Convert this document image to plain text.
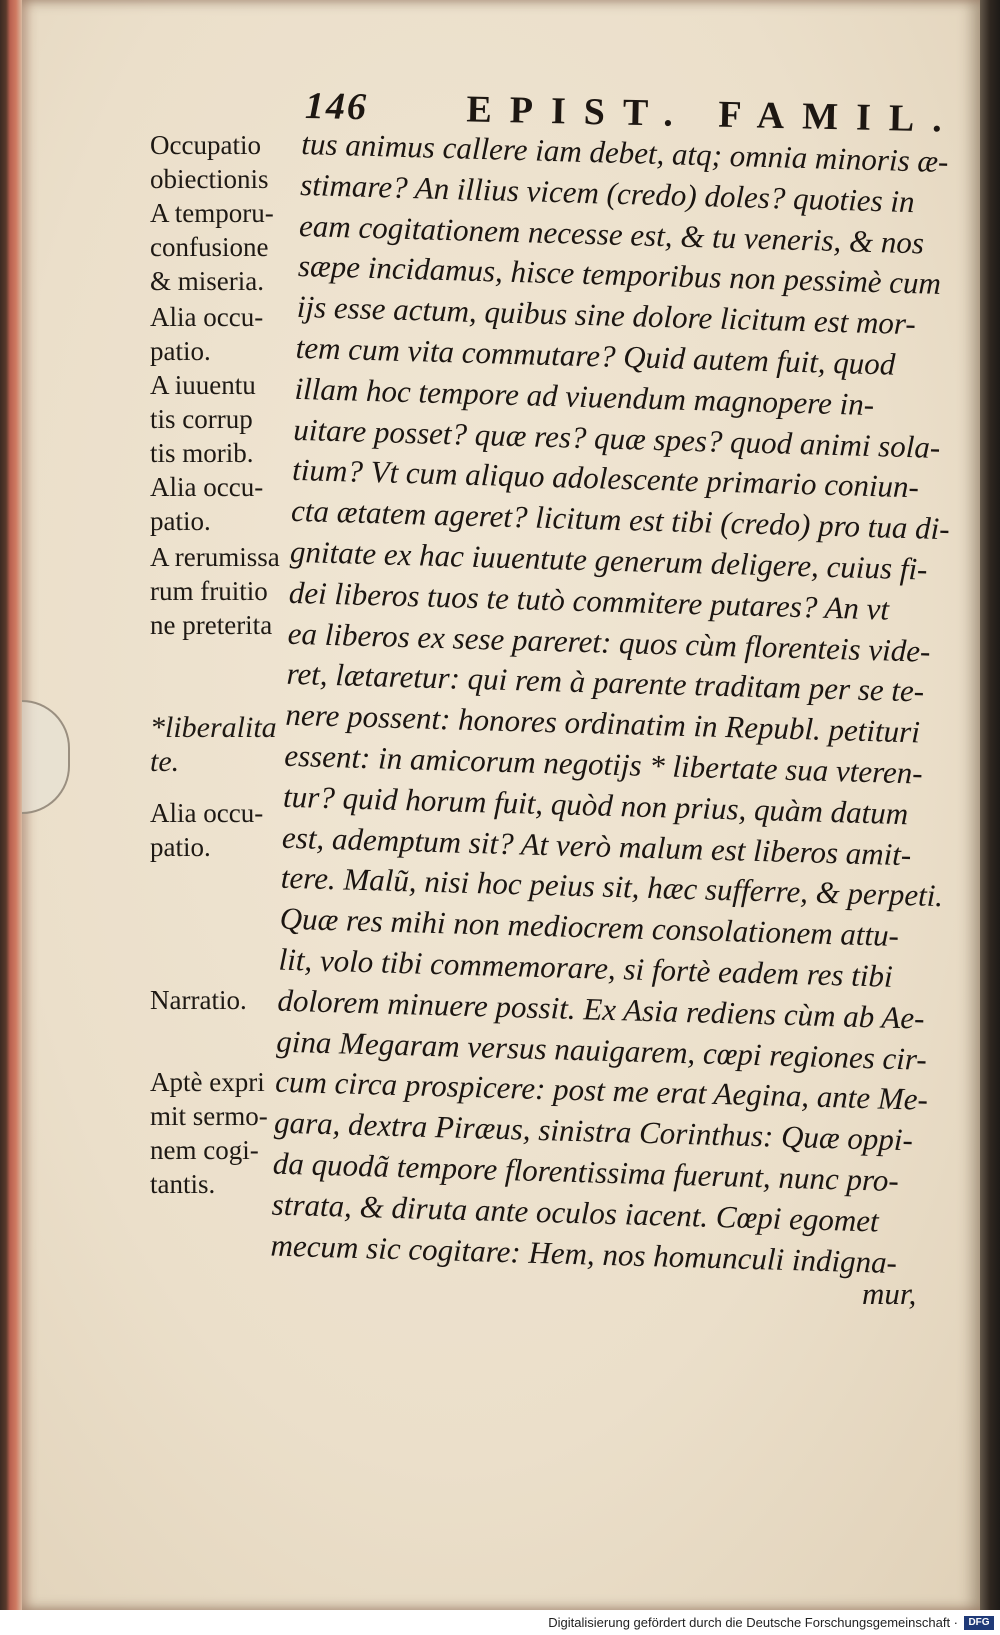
146	EPIST. FAMIL.
Occupatio
obiectionis
A temporu-
confusione
& miseria.
Alia occu-
patio.
A iuuentu
tis corrup
tis morib.
Alia occu-
patio.
A rerumissa
rum fruitio
ne preterita
*liberalita
te.
Alia occu-
patio.
Narratio.
Aptè expri
mit sermo-
nem cogi-
tantis.
tus animus callere iam debet, atq; omnia minoris æ-
stimare? An illius vicem (credo) doles? quoties in
eam cogitationem necesse est, & tu veneris, & nos
sæpe incidamus, hisce temporibus non pessimè cum
ijs esse actum, quibus sine dolore licitum est mor-
tem cum vita commutare? Quid autem fuit, quod
illam hoc tempore ad viuendum magnopere in-
uitare posset? quæ res? quæ spes? quod animi sola-
tium? Vt cum aliquo adolescente primario coniun-
cta ætatem ageret? licitum est tibi (credo) pro tua di-
gnitate ex hac iuuentute generum deligere, cuius fi-
dei liberos tuos te tutò commitere putares? An vt
ea liberos ex sese pareret: quos cùm florenteis vide-
ret, lætaretur: qui rem à parente traditam per se te-
nere possent: honores ordinatim in Republ. petituri
essent: in amicorum negotijs * libertate sua vteren-
tur? quid horum fuit, quòd non prius, quàm datum
est, ademptum sit? At verò malum est liberos amit-
tere. Malũ, nisi hoc peius sit, hæc sufferre, & perpeti.
Quæ res mihi non mediocrem consolationem attu-
lit, volo tibi commemorare, si fortè eadem res tibi
dolorem minuere possit. Ex Asia rediens cùm ab Ae-
gina Megaram versus nauigarem, cœpi regiones cir-
cum circa prospicere: post me erat Aegina, ante Me-
gara, dextra Piræus, sinistra Corinthus: Quæ oppi-
da quodã tempore florentissima fuerunt, nunc pro-
strata, & diruta ante oculos iacent. Cœpi egomet
mecum sic cogitare: Hem, nos homunculi indigna-
mur,
Digitalisierung gefördert durch die Deutsche Forschungsgemeinschaft ·	DFG
